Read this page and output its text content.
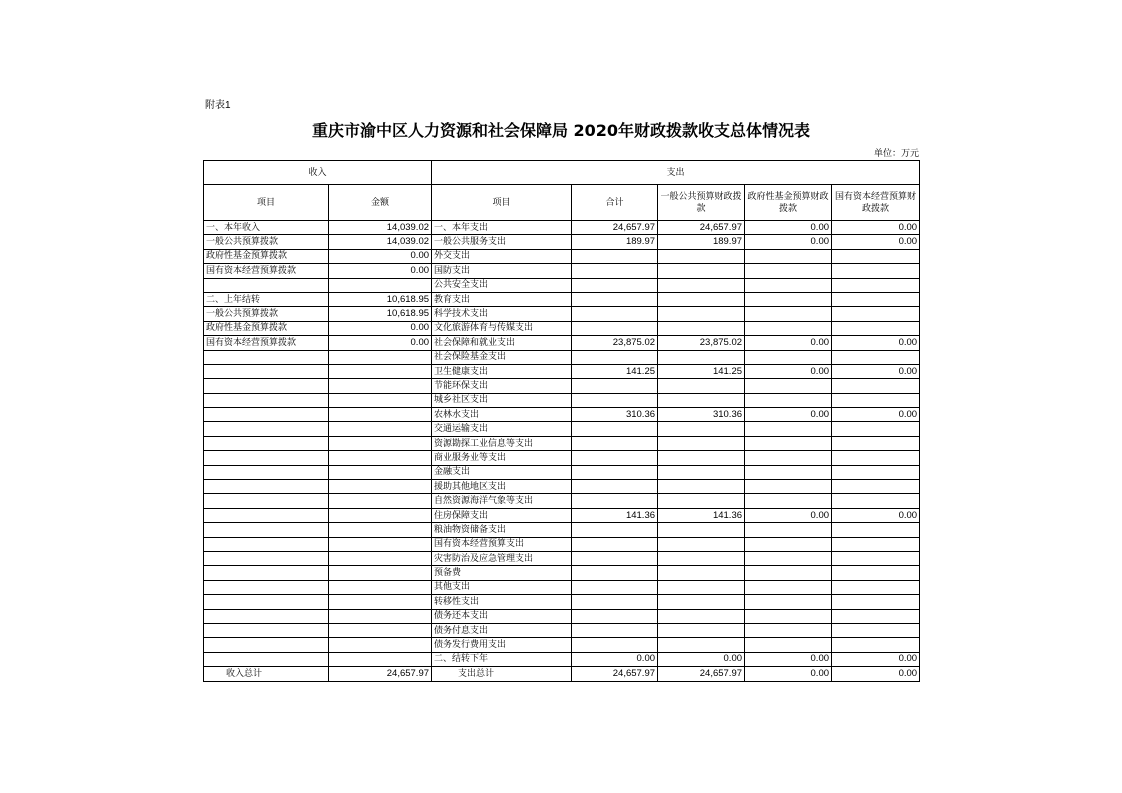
附表1
重庆市渝中区人力资源和社会保障局 2020年财政拨款收支总体情况表
单位：万元
收入		支出				
项目	金额	项目	合计	一般公共预算财政拨款	政府性基金预算财政拨款	国有资本经营预算财政拨款
一、本年收入	14,039.02	一、本年支出	24,657.97	24,657.97	0.00	0.00
一般公共预算拨款	14,039.02	一般公共服务支出	189.97	189.97	0.00	0.00
政府性基金预算拨款	0.00	外交支出				
国有资本经营预算拨款	0.00	国防支出				
		公共安全支出				
二、上年结转	10,618.95	教育支出				
一般公共预算拨款	10,618.95	科学技术支出				
政府性基金预算拨款	0.00	文化旅游体育与传媒支出				
国有资本经营预算拨款	0.00	社会保障和就业支出	23,875.02	23,875.02	0.00	0.00
		社会保险基金支出				
		卫生健康支出	141.25	141.25	0.00	0.00
		节能环保支出				
		城乡社区支出				
		农林水支出	310.36	310.36	0.00	0.00
		交通运输支出				
		资源勘探工业信息等支出				
		商业服务业等支出				
		金融支出				
		援助其他地区支出				
		自然资源海洋气象等支出				
		住房保障支出	141.36	141.36	0.00	0.00
		粮油物资储备支出				
		国有资本经营预算支出				
		灾害防治及应急管理支出				
		预备费				
		其他支出				
		转移性支出				
		债务还本支出				
		债务付息支出				
		债务发行费用支出				
		二、结转下年	0.00	0.00	0.00	0.00
收入总计	24,657.97	支出总计	24,657.97	24,657.97	0.00	0.00
